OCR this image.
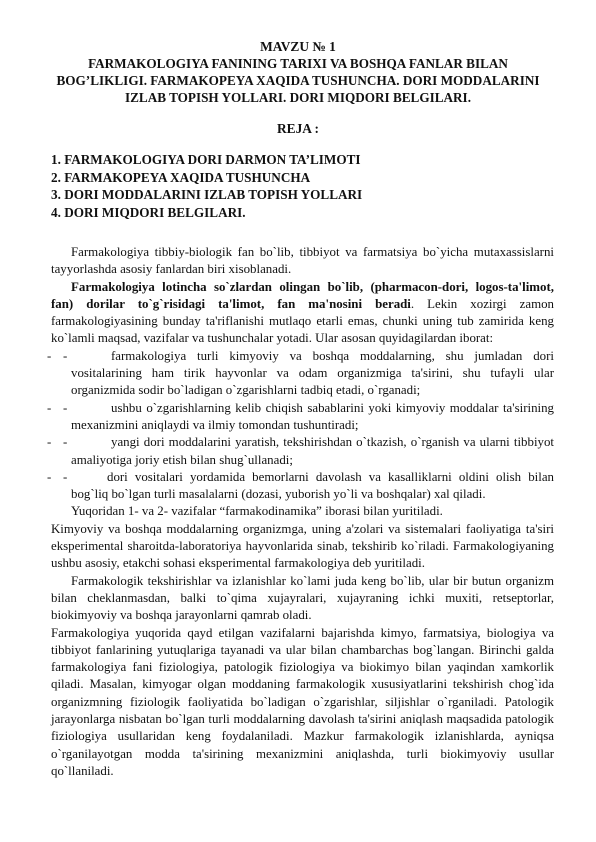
MAVZU № 1
FARMAKOLOGIYA FANINING TARIXI VA BOSHQA FANLAR BILAN
BOG’LIKLIGI. FARMAKOPEYA XAQIDA TUSHUNCHA. DORI MODDALARINI
IZLAB TOPISH YOLLARI. DORI MIQDORI BELGILARI.
REJA :
1. FARMAKOLOGIYA DORI DARMON TA’LIMOTI
2. FARMAKOPEYA XAQIDA TUSHUNCHA
3. DORI MODDALARINI IZLAB TOPISH YOLLARI
4. DORI MIQDORI BELGILARI.

Farmakologiya tibbiy-biologik fan bo`lib, tibbiyot va farmatsiya bo`yicha mutaxassislarni tayyorlashda asosiy fanlardan biri xisoblanadi.

Farmakologiya lotincha so`zlardan olingan bo`lib, (pharmacon-dori, logos-ta'limot, fan) dorilar to`g`risidagi ta'limot, fan ma'nosini beradi. Lekin xozirgi zamon farmakologiyasining bunday ta'riflanishi mutlaqo etarli emas, chunki uning tub zamirida keng ko`lamli maqsad, vazifalar va tushunchalar yotadi. Ular asosan quyidagilardan iborat:

- -	farmakologiya turli kimyoviy va boshqa moddalarning, shu jumladan dori vositalarining ham tirik hayvonlar va odam organizmiga ta'sirini, shu tufayli ular organizmida sodir bo`ladigan o`zgarishlarni tadbiq etadi, o`rganadi;
- -	ushbu o`zgarishlarning kelib chiqish sabablarini yoki kimyoviy moddalar ta'sirining mexanizmini aniqlaydi va ilmiy tomondan tushuntiradi;
- -	yangi dori moddalarini yaratish, tekshirishdan o`tkazish, o`rganish va ularni tibbiyot amaliyotiga joriy etish bilan shug`ullanadi;
- -	dori vositalari yordamida bemorlarni davolash va kasalliklarni oldini olish bilan bog`liq bo`lgan turli masalalarni (dozasi, yuborish yo`li va boshqalar) xal qiladi.

Yuqoridan 1- va 2- vazifalar “farmakodinamika” iborasi bilan yuritiladi.

Kimyoviy va boshqa moddalarning organizmga, uning a'zolari va sistemalari faoliyatiga ta'siri eksperimental sharoitda-laboratoriya hayvonlarida sinab, tekshirib ko`riladi. Farmakologiyaning ushbu asosiy, etakchi sohasi eksperimental farmakologiya deb yuritiladi.

Farmakologik tekshirishlar va izlanishlar ko`lami juda keng bo`lib, ular bir butun organizm bilan cheklanmasdan, balki to`qima xujayralari, xujayraning ichki muxiti, retseptorlar, biokimyoviy va boshqa jarayonlarni qamrab oladi.

Farmakologiya yuqorida qayd etilgan vazifalarni bajarishda kimyo, farmatsiya, biologiya va tibbiyot fanlarining yutuqlariga tayanadi va ular bilan chambarchas bog`langan. Birinchi galda farmakologiya fani fiziologiya, patologik fiziologiya va biokimyo bilan yaqindan xamkorlik qiladi. Masalan, kimyogar olgan moddaning farmakologik xususiyatlarini tekshirish chog`ida organizmning fiziologik faoliyatida bo`ladigan o`zgarishlar, siljishlar o`rganiladi. Patologik jarayonlarga nisbatan bo`lgan turli moddalarning davolash ta'sirini aniqlash maqsadida patologik fiziologiya usullaridan keng foydalaniladi. Mazkur farmakologik izlanishlarda, ayniqsa o`rganilayotgan modda ta'sirining mexanizmini aniqlashda, turli biokimyoviy usullar qo`llaniladi.
